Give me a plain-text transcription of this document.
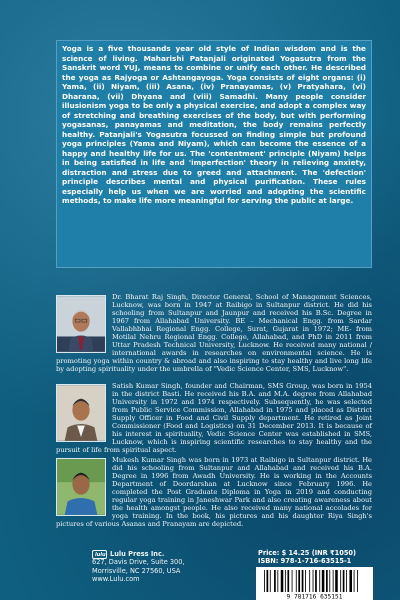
Yoga is a five thousands year old style of Indian wisdom and is the science of living. Maharishi Patanjali originated Yogasutra from the Sanskrit word YUJ, means to combine or unify each other. He described the yoga as Rajyoga or Ashtangayoga. Yoga consists of eight organs: (i) Yama, (ii) Niyam, (iii) Asana, (iv) Pranayamas, (v) Pratyahara, (vi) Dharana, (vii) Dhyana and (viii) Samadhi. Many people consider illusionism yoga to be only a physical exercise, and adopt a complex way of stretching and breathing exercises of the body, but with performing yogasanas, panayamas and meditation, the body remains perfectly healthy. Patanjali's Yogasutra focussed on finding simple but profound yoga principles (Yama and Niyam), which can become the essence of a happy and healthy life for us. The 'contentment' principle (Niyam) helps in being satisfied in life and 'imperfection' theory in relieving anxiety, distraction and stress due to greed and attachment. The 'defection' principle describes mental and physical purification. These rules especially help us when we are worried and adopting the scientific methods, to make life more meaningful for serving the public at large.

Dr. Bharat Raj Singh, Director General, School of Management Sciences, Lucknow, was born in 1947 at Raibigo in Sultanpur district. He did his schooling from Sultanpur and Jaunpur and received his B.Sc. Degree in 1967 from Allahabad University. BE – Mechanical Engg. from Sardar Vallabhbhai Regional Engg. College, Surat, Gujarat in 1972; ME- from Motilal Nehru Regional Engg. College, Allahabad, and PhD in 2011 from Uttar Pradesh Technical University, Lucknow. He received many national / international awards in researches on environmental science. He is promoting yoga within country & abroad and also inspiring to stay healthy and live long life by adopting spirituality under the umbrella of "Vedic Science Center, SMS, Lucknow".

Satish Kumar Singh, founder and Chairman, SMS Group, was born in 1954 in the district Basti. He received his B.A. and M.A. degree from Allahabad University in 1972 and 1974 respectively. Subsequently, he was selected from Public Service Commission, Allahabad in 1975 and placed as District Supply Officer in Food and Civil Supply department. He retired as Joint Commissioner (Food and Logistics) on 31 December 2013. It is because of his interest in spirituality, Vedic Science Center was established in SMS, Lucknow, which is inspiring scientific researches to stay healthy and the pursuit of life from spiritual aspect.

Mukesh Kumar Singh was born in 1973 at Raibigo in Sultanpur district. He did his schooling from Sultanpur and Allahabad and received his B.A. Degree in 1996 from Awadh University. He is working in the Accounts Department of Doordarshan at Lucknow since February 1996. He completed the Post Graduate Diploma in Yoga in 2019 and conducting regular yoga training in Janeshwar Park and also creating awareness about the health amongst people. He also received many national accolades for yoga training. In the book, his pictures and his daughter Riya Singh's pictures of various Asanas and Pranayam are depicted.

lulu Lulu Press Inc.
627, Davis Drive, Suite 300,
Morrisville, NC 27560, USA
www.Lulu.com
Price: $ 14.25 (INR ₹1050)
ISBN: 978-1-716-63515-1
9 781716 635151
